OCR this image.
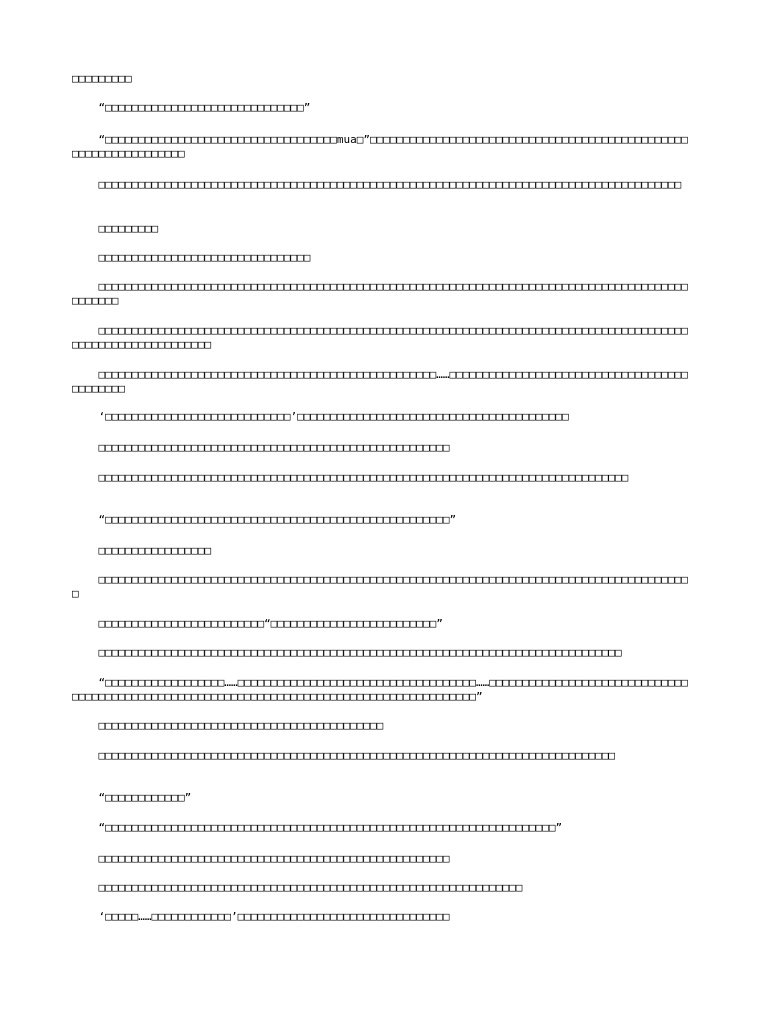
□□□□□□□□□

“□□□□□□□□□□□□□□□□□□□□□□□□□□□□□□”

“□□□□□□□□□□□□□□□□□□□□□□□□□□□□□□□□□□□mua□”□□□□□□□□□□□□□□□□□□□□□□□□□□□□□□□□□□□□□□□□□□□□□□□□□□□□□□□□□□□□□□□□□

□□□□□□□□□□□□□□□□□□□□□□□□□□□□□□□□□□□□□□□□□□□□□□□□□□□□□□□□□□□□□□□□□□□□□□□□□□□□□□□□□□□□□□□□

□□□□□□□□□

□□□□□□□□□□□□□□□□□□□□□□□□□□□□□□□□

□□□□□□□□□□□□□□□□□□□□□□□□□□□□□□□□□□□□□□□□□□□□□□□□□□□□□□□□□□□□□□□□□□□□□□□□□□□□□□□□□□□□□□□□□□□□□□□□

□□□□□□□□□□□□□□□□□□□□□□□□□□□□□□□□□□□□□□□□□□□□□□□□□□□□□□□□□□□□□□□□□□□□□□□□□□□□□□□□□□□□□□□□□□□□□□□□□□□□□□□□□□□□□□

□□□□□□□□□□□□□□□□□□□□□□□□□□□□□□□□□□□□□□□□□□□□□□□□□□□……□□□□□□□□□□□□□□□□□□□□□□□□□□□□□□□□□□□□□□□□□□□□

‘□□□□□□□□□□□□□□□□□□□□□□□□□□□□’□□□□□□□□□□□□□□□□□□□□□□□□□□□□□□□□□□□□□□□□□

□□□□□□□□□□□□□□□□□□□□□□□□□□□□□□□□□□□□□□□□□□□□□□□□□□□□□

□□□□□□□□□□□□□□□□□□□□□□□□□□□□□□□□□□□□□□□□□□□□□□□□□□□□□□□□□□□□□□□□□□□□□□□□□□□□□□□□

“□□□□□□□□□□□□□□□□□□□□□□□□□□□□□□□□□□□□□□□□□□□□□□□□□□□□”

□□□□□□□□□□□□□□□□□

□□□□□□□□□□□□□□□□□□□□□□□□□□□□□□□□□□□□□□□□□□□□□□□□□□□□□□□□□□□□□□□□□□□□□□□□□□□□□□□□□□□□□□□□□□

□□□□□□□□□□□□□□□□□□□□□□□□□“□□□□□□□□□□□□□□□□□□□□□□□□□”

□□□□□□□□□□□□□□□□□□□□□□□□□□□□□□□□□□□□□□□□□□□□□□□□□□□□□□□□□□□□□□□□□□□□□□□□□□□□□□□

“□□□□□□□□□□□□□□□□□□……□□□□□□□□□□□□□□□□□□□□□□□□□□□□□□□□□□□□……□□□□□□□□□□□□□□□□□□□□□□□□□□□□□□□□□□□□□□□□□□□□□□□□□□□□□□□□□□□□□□□□□□□□□□□□□□□□□□□□□□□□□□□□□□□”

□□□□□□□□□□□□□□□□□□□□□□□□□□□□□□□□□□□□□□□□□□□

□□□□□□□□□□□□□□□□□□□□□□□□□□□□□□□□□□□□□□□□□□□□□□□□□□□□□□□□□□□□□□□□□□□□□□□□□□□□□□

“□□□□□□□□□□□□”

“□□□□□□□□□□□□□□□□□□□□□□□□□□□□□□□□□□□□□□□□□□□□□□□□□□□□□□□□□□□□□□□□□□□□”

□□□□□□□□□□□□□□□□□□□□□□□□□□□□□□□□□□□□□□□□□□□□□□□□□□□□□

□□□□□□□□□□□□□□□□□□□□□□□□□□□□□□□□□□□□□□□□□□□□□□□□□□□□□□□□□□□□□□□□

‘□□□□□……□□□□□□□□□□□□’□□□□□□□□□□□□□□□□□□□□□□□□□□□□□□□□
